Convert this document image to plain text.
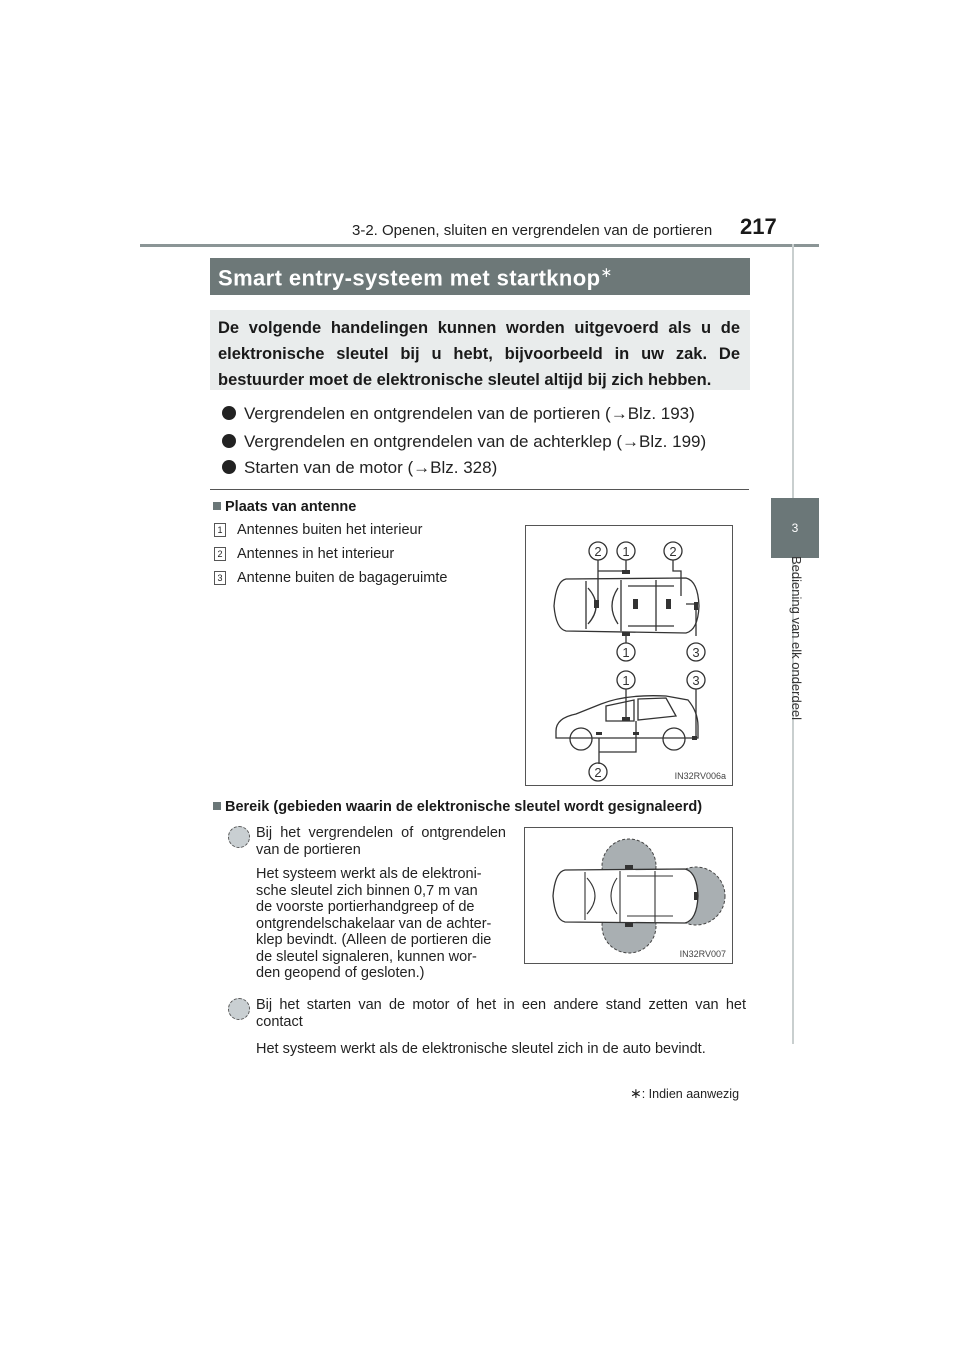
3-2. Openen, sluiten en vergrendelen van de portieren 217
3
Bediening van elk onderdeel
Smart entry-systeem met startknop∗
De volgende handelingen kunnen worden uitgevoerd als u de elektronische sleutel bij u hebt, bijvoorbeeld in uw zak. De bestuurder moet de elektronische sleutel altijd bij zich hebben.
Vergrendelen en ontgrendelen van de portieren (→Blz. 193)
Vergrendelen en ontgrendelen van de achterklep (→Blz. 199)
Starten van de motor (→Blz. 328)
Plaats van antenne
1 Antennes buiten het interieur
2 Antennes in het interieur
3 Antenne buiten de bagageruimte
2 1	2
1	3
1	3
2	IN32RV006a
Bereik (gebieden waarin de elektronische sleutel wordt gesignaleerd)
Bij het vergrendelen of ontgrendelen van de portieren
Het systeem werkt als de elektroni-
sche sleutel zich binnen 0,7 m van
de voorste portierhandgreep of de
ontgrendelschakelaar van de achter-
klep bevindt. (Alleen de portieren die
de sleutel signaleren, kunnen wor-
den geopend of gesloten.)
IN32RV007
Bij het starten van de motor of het in een andere stand zetten van het contact
Het systeem werkt als de elektronische sleutel zich in de auto bevindt.
∗: Indien aanwezig
